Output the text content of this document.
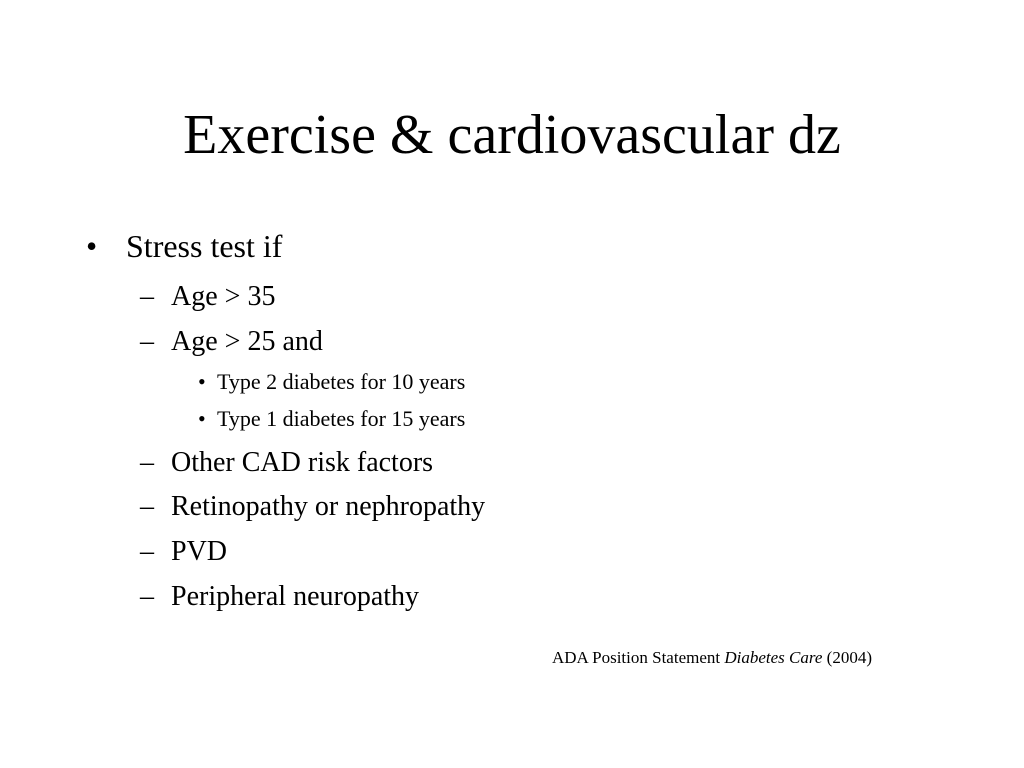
Exercise & cardiovascular dz
• Stress test if
– Age > 35
– Age > 25 and
• Type 2 diabetes for 10 years
• Type 1 diabetes for 15 years
– Other CAD risk factors
– Retinopathy or nephropathy
– PVD
– Peripheral neuropathy
ADA Position Statement Diabetes Care (2004)
